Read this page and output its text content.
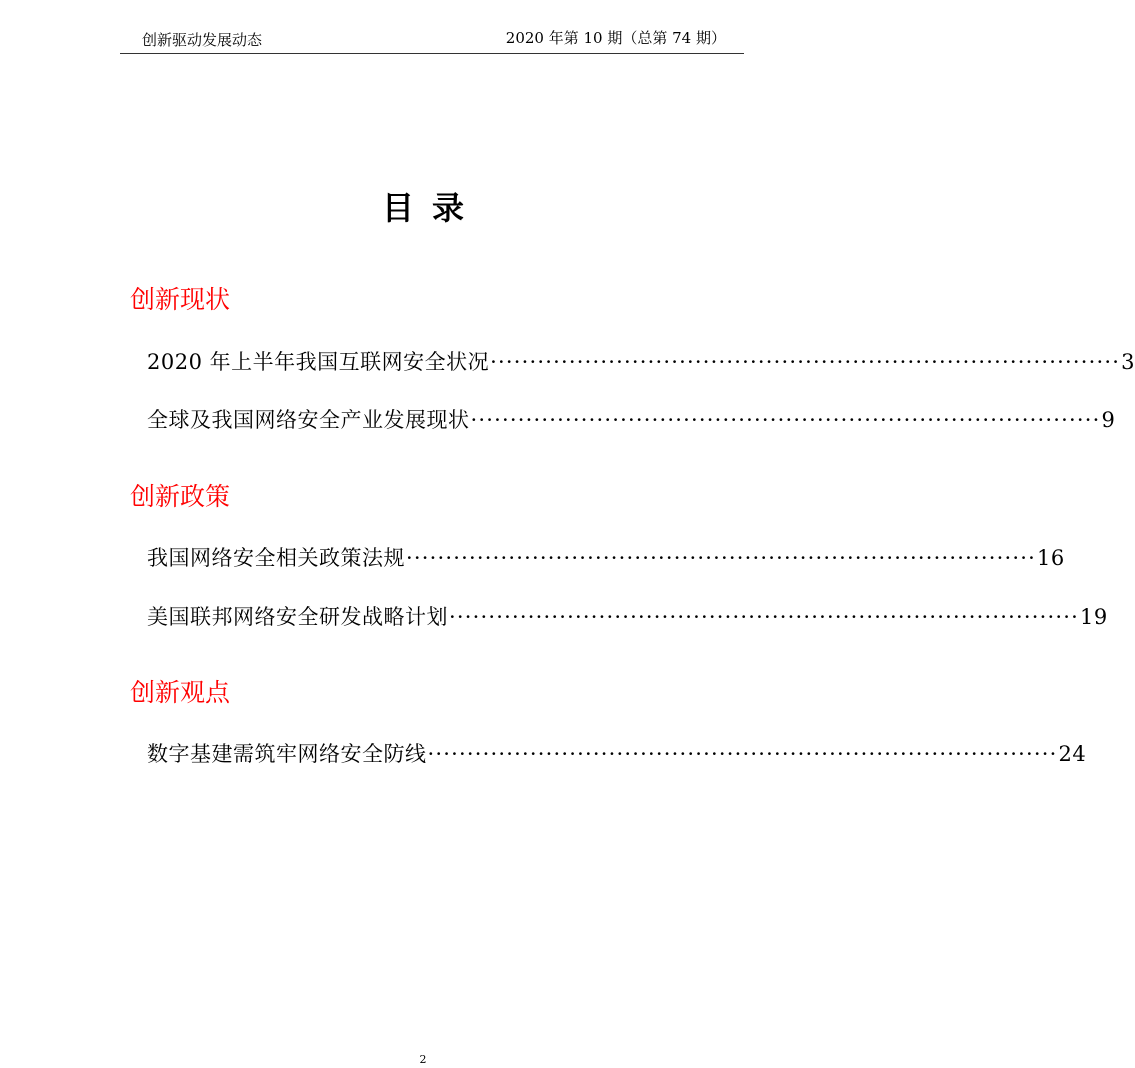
创新驱动发展动态	2020 年第 10 期（总第 74 期）
目录
创新现状
2020 年上半年我国互联网安全状况 ················································································ 3
全球及我国网络安全产业发展现状 ················································································ 9
创新政策
我国网络安全相关政策法规 ················································································ 16
美国联邦网络安全研发战略计划 ················································································ 19
创新观点
数字基建需筑牢网络安全防线 ················································································ 24
2
